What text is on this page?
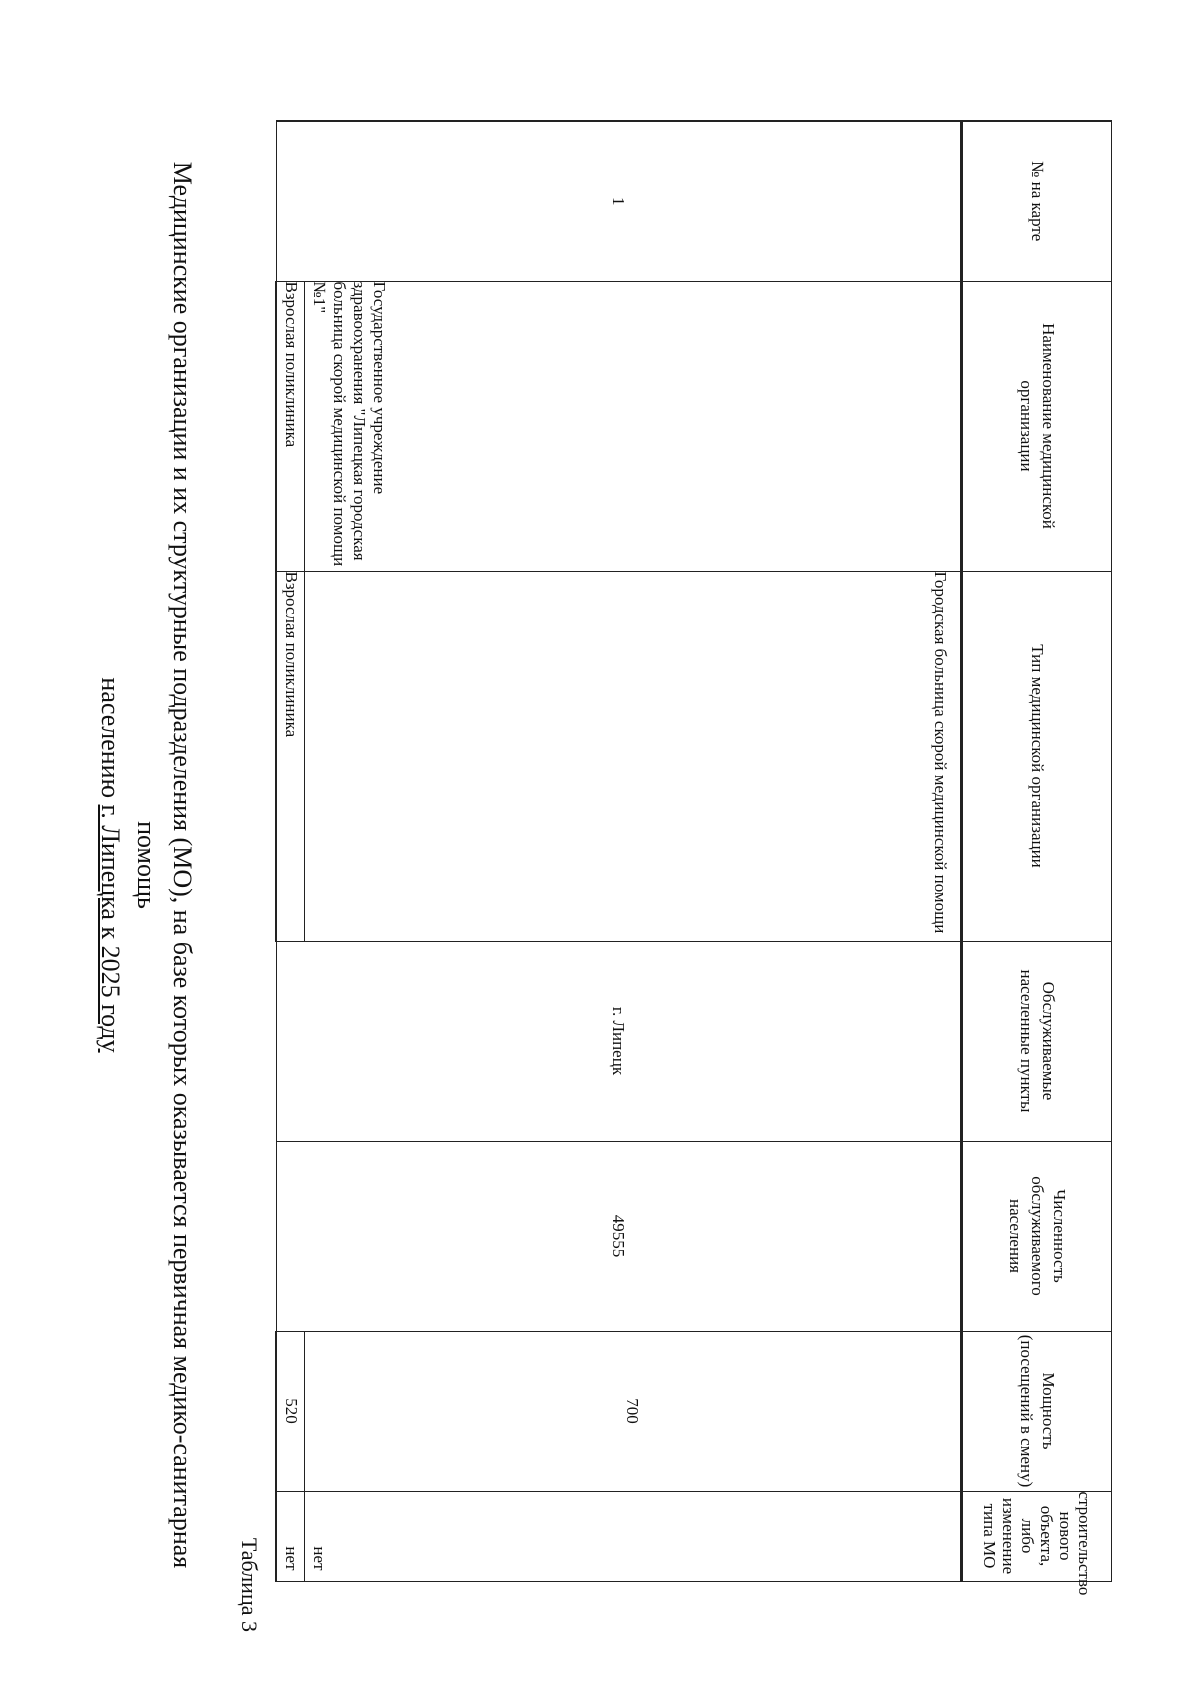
Медицинские организации и их структурные подразделения (МО), на базе которых оказывается первичная медико-санитарная помощь
населению г. Липецка к 2025 году
Таблица 3
№ на карте	Наименование медицинской организации	Тип медицинской организации	Обслуживаемые населенные пункты	Численность обслуживаемого населения	Мощность (посещений в смену)	строительство нового объекта, либо изменение типа МО
1	Государственное учреждение здравоохранения "Липецкая городская больница скорой медицинской помощи №1"	Городская больница скорой медицинской помощи	г. Липецк	49555	700	нет
	Взрослая поликлиника	Взрослая поликлиника			520	нет
